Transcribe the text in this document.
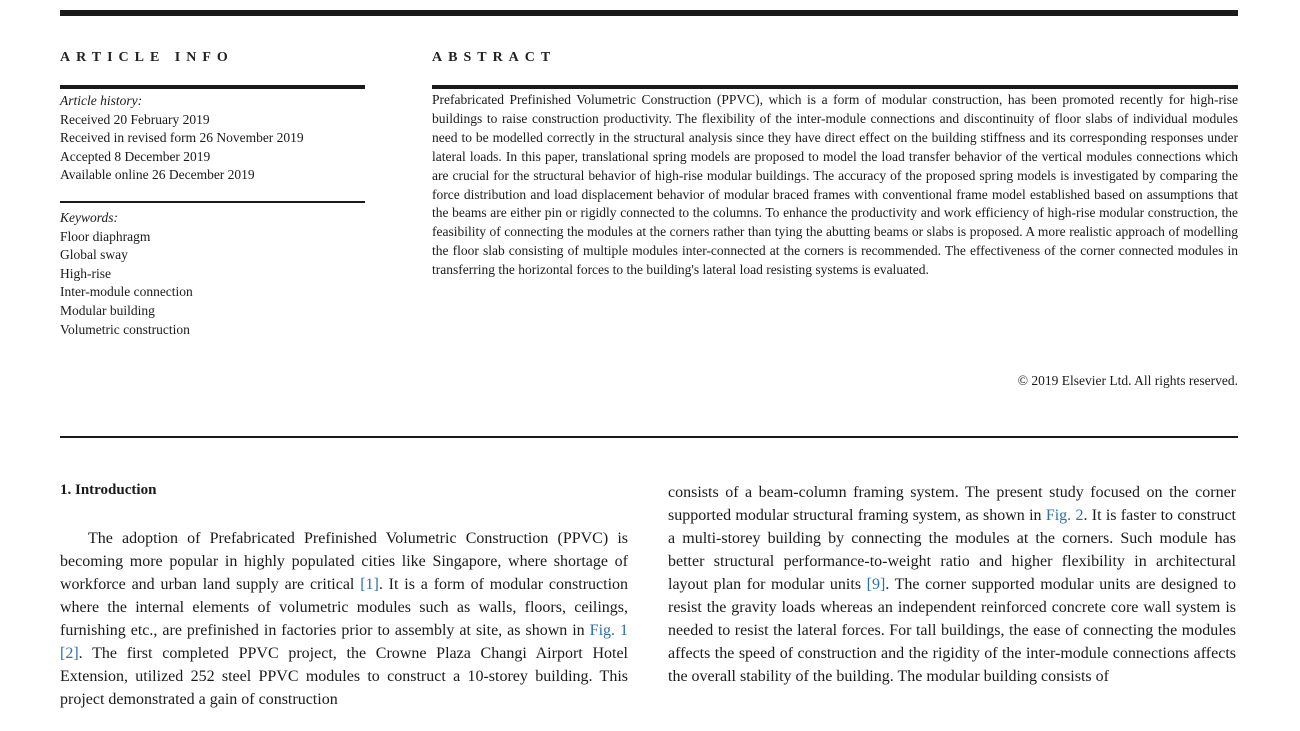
ARTICLE INFO
Article history:
Received 20 February 2019
Received in revised form 26 November 2019
Accepted 8 December 2019
Available online 26 December 2019
Keywords:
Floor diaphragm
Global sway
High-rise
Inter-module connection
Modular building
Volumetric construction
ABSTRACT

Prefabricated Prefinished Volumetric Construction (PPVC), which is a form of modular construction, has been promoted recently for high-rise buildings to raise construction productivity. The flexibility of the inter-module connections and discontinuity of floor slabs of individual modules need to be modelled correctly in the structural analysis since they have direct effect on the building stiffness and its corresponding responses under lateral loads. In this paper, translational spring models are proposed to model the load transfer behavior of the vertical modules connections which are crucial for the structural behavior of high-rise modular buildings. The accuracy of the proposed spring models is investigated by comparing the force distribution and load displacement behavior of modular braced frames with conventional frame model established based on assumptions that the beams are either pin or rigidly connected to the columns. To enhance the productivity and work efficiency of high-rise modular construction, the feasibility of connecting the modules at the corners rather than tying the abutting beams or slabs is proposed. A more realistic approach of modelling the floor slab consisting of multiple modules inter-connected at the corners is recommended. The effectiveness of the corner connected modules in transferring the horizontal forces to the building's lateral load resisting systems is evaluated.

© 2019 Elsevier Ltd. All rights reserved.
1. Introduction

The adoption of Prefabricated Prefinished Volumetric Construction (PPVC) is becoming more popular in highly populated cities like Singapore, where shortage of workforce and urban land supply are critical [1]. It is a form of modular construction where the internal elements of volumetric modules such as walls, floors, ceilings, furnishing etc., are prefinished in factories prior to assembly at site, as shown in Fig. 1 [2]. The first completed PPVC project, the Crowne Plaza Changi Airport Hotel Extension, utilized 252 steel PPVC modules to construct a 10-storey building. This project demonstrated a gain of construction

consists of a beam-column framing system. The present study focused on the corner supported modular structural framing system, as shown in Fig. 2. It is faster to construct a multi-storey building by connecting the modules at the corners. Such module has better structural performance-to-weight ratio and higher flexibility in architectural layout plan for modular units [9]. The corner supported modular units are designed to resist the gravity loads whereas an independent reinforced concrete core wall system is needed to resist the lateral forces. For tall buildings, the ease of connecting the modules affects the speed of construction and the rigidity of the inter-module connections affects the overall stability of the building. The modular building consists of
